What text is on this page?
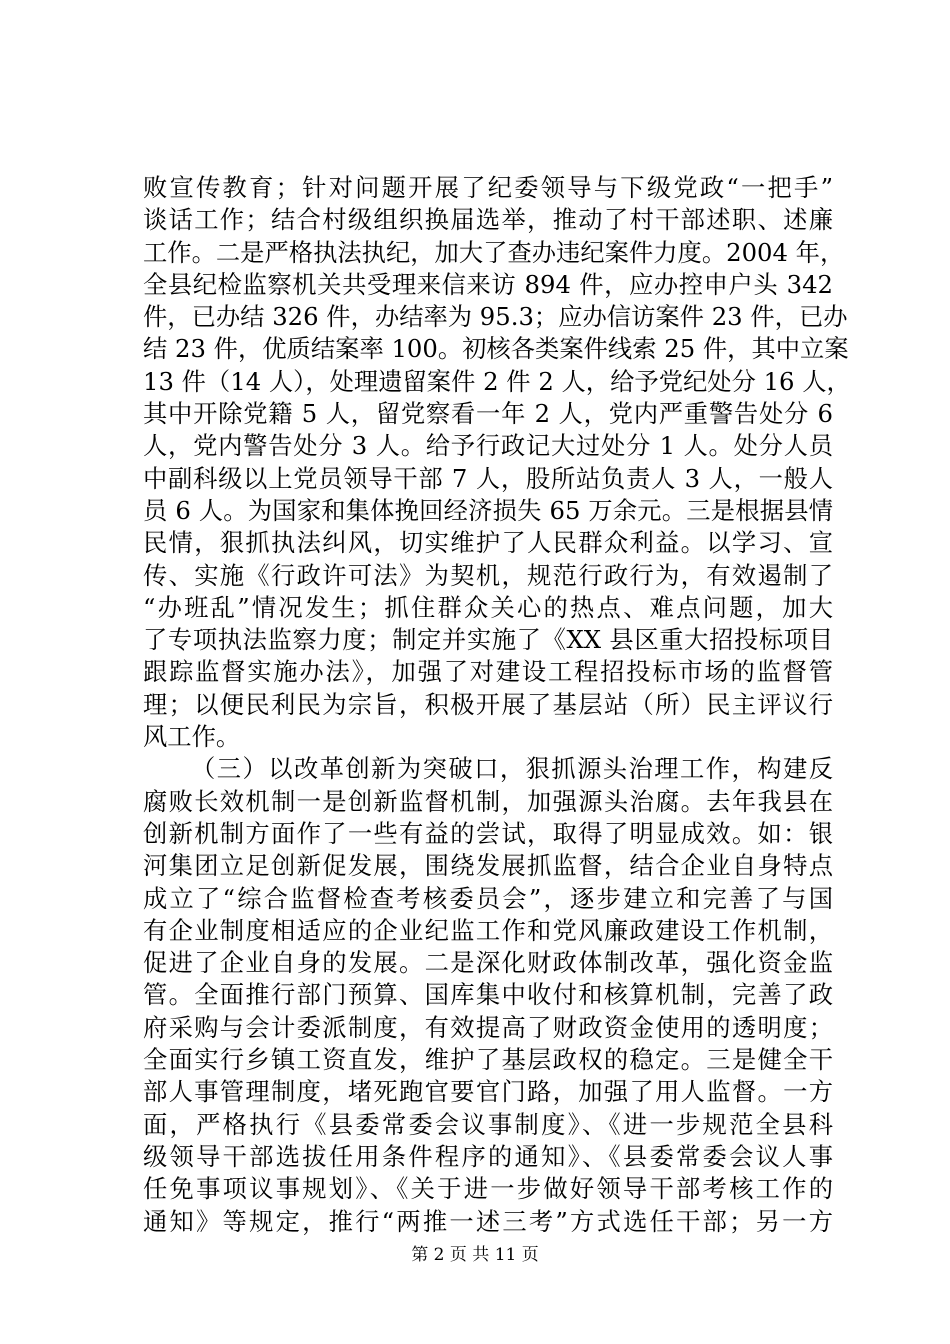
败宣传教育；针对问题开展了纪委领导与下级党政“一把手”
谈话工作；结合村级组织换届选举，推动了村干部述职、述廉
工作。二是严格执法执纪，加大了查办违纪案件力度。2004 年，
全县纪检监察机关共受理来信来访 894 件，应办控申户头 342
件，已办结 326 件，办结率为 95.3；应办信访案件 23 件，已办
结 23 件，优质结案率 100。初核各类案件线索 25 件，其中立案
13 件（14 人），处理遗留案件 2 件 2 人，给予党纪处分 16 人，
其中开除党籍 5 人，留党察看一年 2 人，党内严重警告处分 6
人，党内警告处分 3 人。给予行政记大过处分 1 人。处分人员
中副科级以上党员领导干部 7 人，股所站负责人 3 人，一般人
员 6 人。为国家和集体挽回经济损失 65 万余元。三是根据县情
民情，狠抓执法纠风，切实维护了人民群众利益。以学习、宣
传、实施《行政许可法》为契机，规范行政行为，有效遏制了
“办班乱”情况发生；抓住群众关心的热点、难点问题，加大
了专项执法监察力度；制定并实施了《XX 县区重大招投标项目
跟踪监督实施办法》，加强了对建设工程招投标市场的监督管
理；以便民利民为宗旨，积极开展了基层站（所）民主评议行
风工作。
（三）以改革创新为突破口，狠抓源头治理工作，构建反
腐败长效机制一是创新监督机制，加强源头治腐。去年我县在
创新机制方面作了一些有益的尝试，取得了明显成效。如：银
河集团立足创新促发展，围绕发展抓监督，结合企业自身特点
成立了“综合监督检查考核委员会”，逐步建立和完善了与国
有企业制度相适应的企业纪监工作和党风廉政建设工作机制，
促进了企业自身的发展。二是深化财政体制改革，强化资金监
管。全面推行部门预算、国库集中收付和核算机制，完善了政
府采购与会计委派制度，有效提高了财政资金使用的透明度；
全面实行乡镇工资直发，维护了基层政权的稳定。三是健全干
部人事管理制度，堵死跑官要官门路，加强了用人监督。一方
面，严格执行《县委常委会议事制度》、《进一步规范全县科
级领导干部选拔任用条件程序的通知》、《县委常委会议人事
任免事项议事规划》、《关于进一步做好领导干部考核工作的
通知》等规定，推行“两推一述三考”方式选任干部；另一方
第 2 页 共 11 页
